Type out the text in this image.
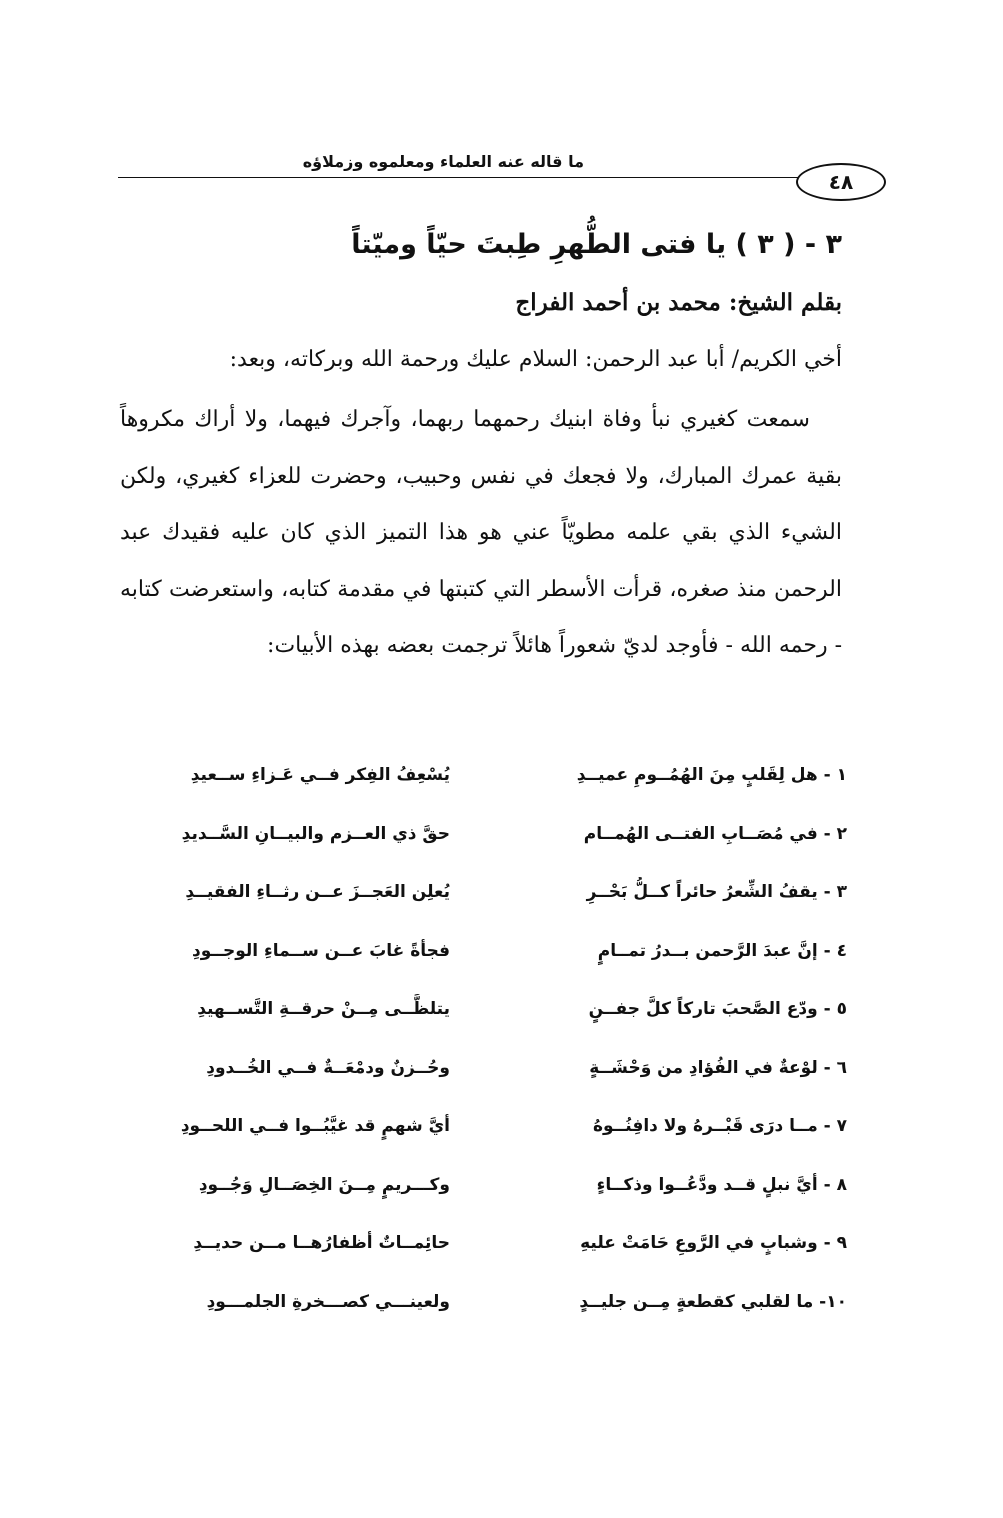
ما قاله عنه العلماء ومعلموه وزملاؤه
٤٨
٣ - ( ٣ ) يا فتى الطُّهرِ طِبتَ حيّاً وميّتاً
بقلم الشيخ: محمد بن أحمد الفراج
أخي الكريم/ أبا عبد الرحمن: السلام عليك ورحمة الله وبركاته، وبعد:

سمعت كغيري نبأ وفاة ابنيك رحمهما ربهما، وآجرك فيهما، ولا أراك مكروهاً بقية عمرك المبارك، ولا فجعك في نفس وحبيب، وحضرت للعزاء كغيري، ولكن الشيء الذي بقي علمه مطويّاً عني هو هذا التميز الذي كان عليه فقيدك عبد الرحمن منذ صغره، قرأت الأسطر التي كتبتها في مقدمة كتابه، واستعرضت كتابه - رحمه الله - فأوجد لديّ شعوراً هائلاً ترجمت بعضه بهذه الأبيات:

١ - هل لِقَلبٍ مِنَ الهُمُــومِ عميــدِ
يُسْعِفُ الفِكر فــي عَـزاءِ ســعيدِ
٢ - في مُصَــابِ الفتــى الهُمــام
حقَّ ذي العــزم والبيــانِ السَّــديدِ
٣ - يقفُ الشِّعرُ حائراً كــلُّ بَحْــرِ
يُعلِن العَجــزَ عــن رثــاءِ الفقيــدِ
٤ - إنَّ عبدَ الرَّحمن بــدرُ تمــامٍ
فجأةً غابَ عــن ســماءِ الوجــودِ
٥ - ودّع الصَّحبَ تاركاً كلَّ جفــنٍ
يتلظَّــى مِــنْ حرقــةِ التَّســهيدِ
٦ - لوْعةٌ في الفُؤادِ من وَحْشَــةٍ
وحُــزنٌ ودمْعَــةٌ فــي الخُــدودِ
٧ - مــا درَى قَبْــرهُ ولا دافِنُــوهُ
أيَّ شهمٍ قد غيَّبُــوا فــي اللحــودِ
٨ - أيَّ نبلٍ قــد ودَّعُــوا وذكــاءٍ
وكـــريمٍ مِــنَ الخِصَــالِ وَجُــودِ
٩ - وشبابٍ في الرَّوعِ حَامَتْ عليهِ
حائِمــاتٌ أظفارُهــا مــن حديــدِ
١٠- ما لقلبي كقطعةٍ مِــن جليــدٍ
ولعينـــي كصـــخرةِ الجلمـــودِ
